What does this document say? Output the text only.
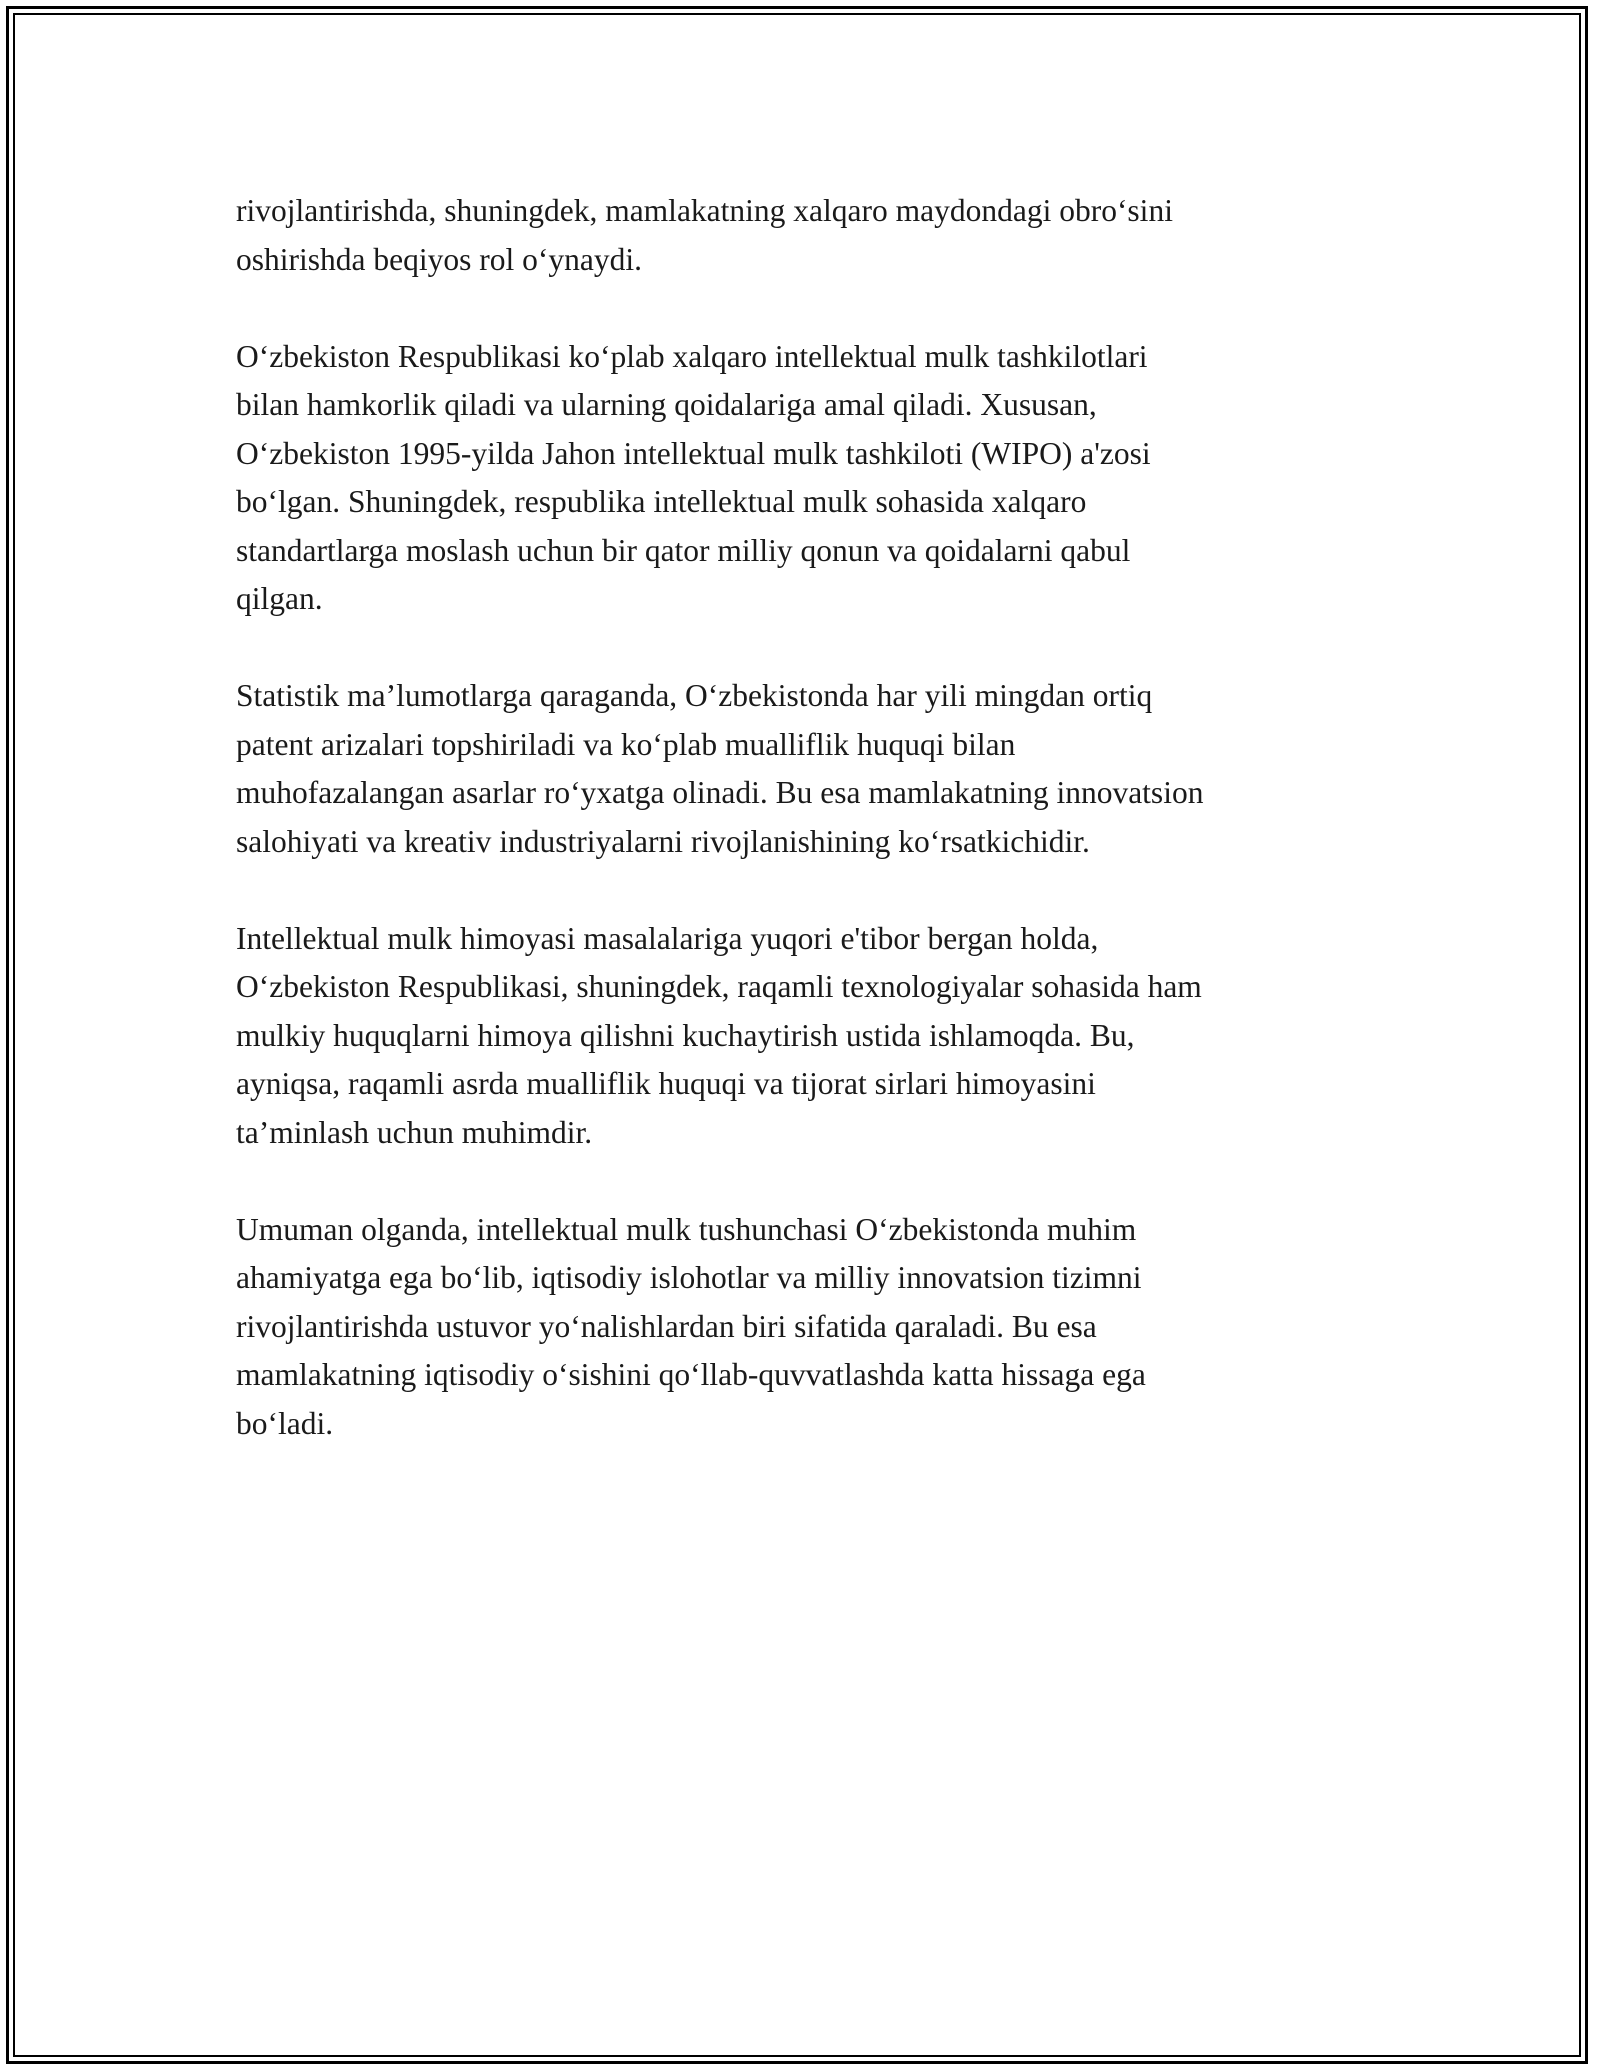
rivojlantirishda, shuningdek, mamlakatning xalqaro maydondagi obro‘sini
oshirishda beqiyos rol o‘ynaydi.

O‘zbekiston Respublikasi ko‘plab xalqaro intellektual mulk tashkilotlari
bilan hamkorlik qiladi va ularning qoidalariga amal qiladi. Xususan,
O‘zbekiston 1995-yilda Jahon intellektual mulk tashkiloti (WIPO) a'zosi
bo‘lgan. Shuningdek, respublika intellektual mulk sohasida xalqaro
standartlarga moslash uchun bir qator milliy qonun va qoidalarni qabul
qilgan.

Statistik ma’lumotlarga qaraganda, O‘zbekistonda har yili mingdan ortiq
patent arizalari topshiriladi va ko‘plab mualliflik huquqi bilan
muhofazalangan asarlar ro‘yxatga olinadi. Bu esa mamlakatning innovatsion
salohiyati va kreativ industriyalarni rivojlanishining ko‘rsatkichidir.

Intellektual mulk himoyasi masalalariga yuqori e'tibor bergan holda,
O‘zbekiston Respublikasi, shuningdek, raqamli texnologiyalar sohasida ham
mulkiy huquqlarni himoya qilishni kuchaytirish ustida ishlamoqda. Bu,
ayniqsa, raqamli asrda mualliflik huquqi va tijorat sirlari himoyasini
ta’minlash uchun muhimdir.

Umuman olganda, intellektual mulk tushunchasi O‘zbekistonda muhim
ahamiyatga ega bo‘lib, iqtisodiy islohotlar va milliy innovatsion tizimni
rivojlantirishda ustuvor yo‘nalishlardan biri sifatida qaraladi. Bu esa
mamlakatning iqtisodiy o‘sishini qo‘llab-quvvatlashda katta hissaga ega
bo‘ladi.
